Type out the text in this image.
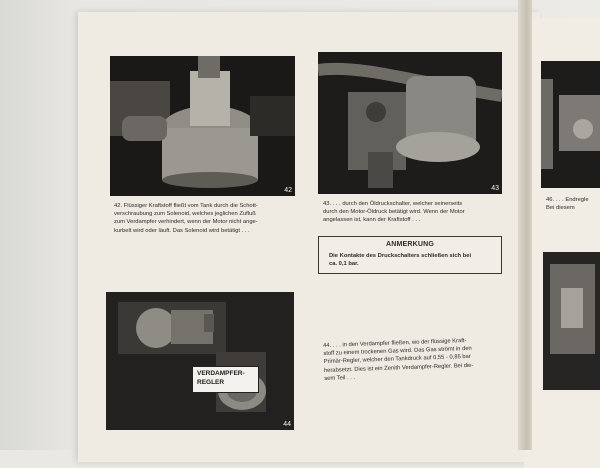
42
42. Flüssiger Kraftstoff fließt vom Tank durch die Schott-
verschraubung zum Solenoid, welches jeglichen Zufluß
zum Verdampfer verhindert, wenn der Motor nicht ange-
kurbelt wird oder läuft. Das Solenoid wird betätigt . . .
44
VERDAMPFER-
REGLER
43
43. . . . durch den Öldruckschalter, welcher seinerseits
durch den Motor-Öldruck betätigt wird. Wenn der Motor
angelassen ist, kann der Kraftstoff . . .
ANMERKUNG
Die Kontakte des Druckschalters schließen sich bei
ca. 0,1 bar.
44. . . . in den Verdampfer fließen, wo der flüssige Kraft-
stoff zu einem trockenen Gas wird. Das Gas strömt in den
Primär-Regler, welcher den Tankdruck auf 0,55 - 0,85 bar
herabsetzt. Dies ist ein Zenith Verdampfer-Regler. Bei die-
sem Teil . . .
46. . . . Endregle
Bei diesem
